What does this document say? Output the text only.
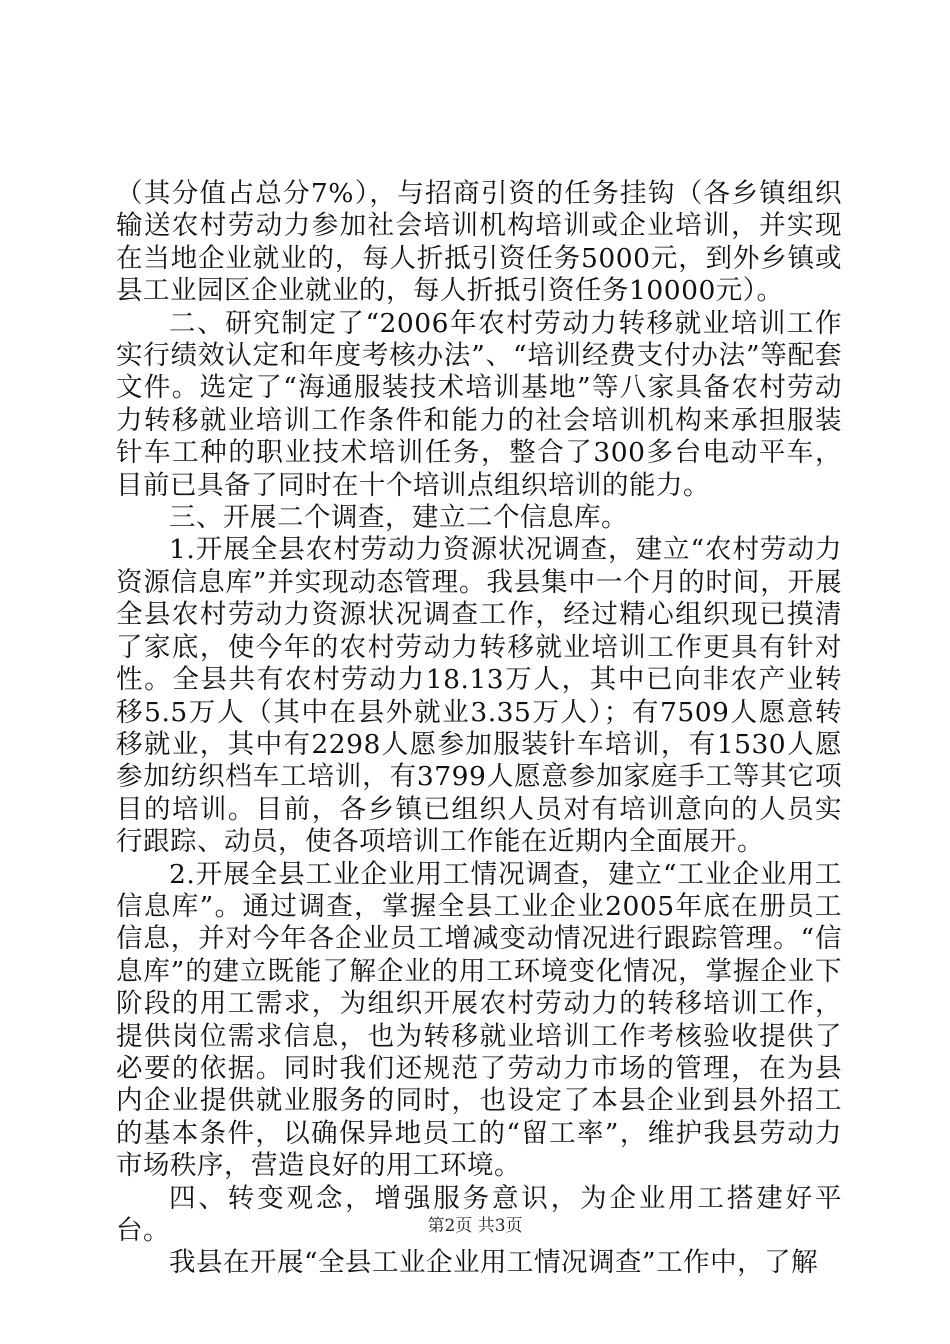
（其分值占总分7%），与招商引资的任务挂钩（各乡镇组织输送农村劳动力参加社会培训机构培训或企业培训，并实现在当地企业就业的，每人折抵引资任务5000元，到外乡镇或县工业园区企业就业的，每人折抵引资任务10000元）。

二、研究制定了“2006年农村劳动力转移就业培训工作实行绩效认定和年度考核办法”、“培训经费支付办法”等配套文件。选定了“海通服装技术培训基地”等八家具备农村劳动力转移就业培训工作条件和能力的社会培训机构来承担服装针车工种的职业技术培训任务，整合了300多台电动平车，目前已具备了同时在十个培训点组织培训的能力。

三、开展二个调查，建立二个信息库。

1.开展全县农村劳动力资源状况调查，建立“农村劳动力资源信息库”并实现动态管理。我县集中一个月的时间，开展全县农村劳动力资源状况调查工作，经过精心组织现已摸清了家底，使今年的农村劳动力转移就业培训工作更具有针对性。全县共有农村劳动力18.13万人，其中已向非农产业转移5.5万人（其中在县外就业3.35万人）；有7509人愿意转移就业，其中有2298人愿参加服装针车培训，有1530人愿参加纺织档车工培训，有3799人愿意参加家庭手工等其它项目的培训。目前，各乡镇已组织人员对有培训意向的人员实行跟踪、动员，使各项培训工作能在近期内全面展开。

2.开展全县工业企业用工情况调查，建立“工业企业用工信息库”。通过调查，掌握全县工业企业2005年底在册员工信息，并对今年各企业员工增减变动情况进行跟踪管理。“信息库”的建立既能了解企业的用工环境变化情况，掌握企业下阶段的用工需求，为组织开展农村劳动力的转移培训工作，提供岗位需求信息，也为转移就业培训工作考核验收提供了必要的依据。同时我们还规范了劳动力市场的管理，在为县内企业提供就业服务的同时，也设定了本县企业到县外招工的基本条件，以确保异地员工的“留工率”，维护我县劳动力市场秩序，营造良好的用工环境。

四、转变观念，增强服务意识，为企业用工搭建好平台。

我县在开展“全县工业企业用工情况调查”工作中，了解

第2页 共3页
